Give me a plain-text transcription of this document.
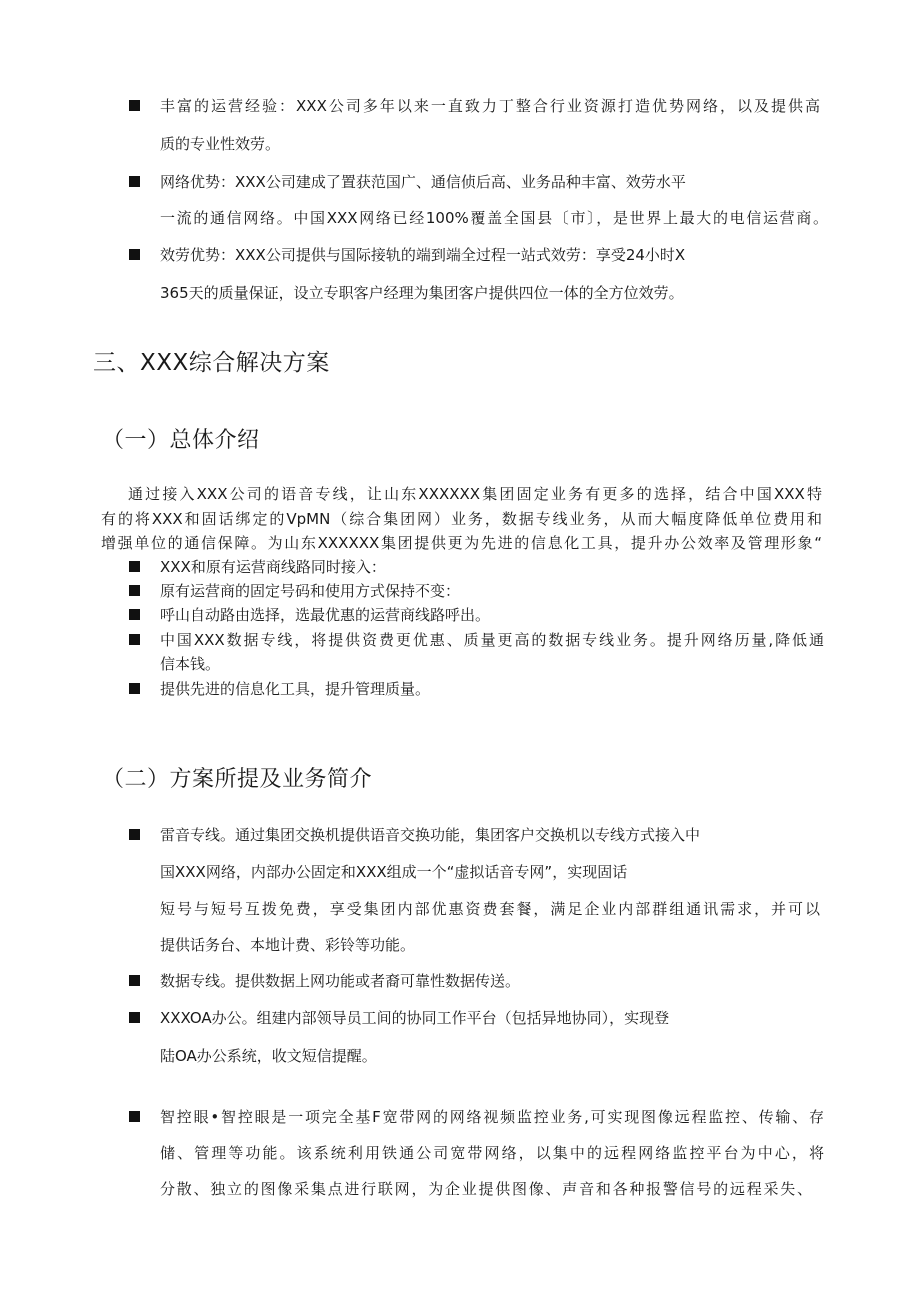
丰富的运营经验：XXX公司多年以来一直致力丁整合行业资源打造优势网络，以及提供高
质的专业性效劳。
网络优势：XXX公司建成了置获范国广、通信侦后高、业务品种丰富、效劳水平
一流的通信网络。中国XXX网络已经100%覆盖全国县〔市〕，是世界上最大的电信运营商。
效劳优势：XXX公司提供与国际接轨的端到端全过程一站式效劳：享受24小时X
365天的质量保证，设立专职客户经理为集团客户提供四位一体的全方位效劳。
三、XXX综合解决方案
（一）总体介绍
通过接入XXX公司的语音专线，让山东XXXXXX集团固定业务有更多的选择，结合中国XXX特
有的将XXX和固话绑定的VpMN（综合集团网）业务，数据专线业务，从而大幅度降低单位费用和
增强单位的通信保障。为山东XXXXXX集团提供更为先进的信息化工具，提升办公效率及管理形象“
XXX和原有运营商线路同时接入：
原有运营商的固定号码和使用方式保持不变：
呼山自动路由选择，选最优惠的运营商线路呼出。
中国XXX数据专线，将提供资费更优惠、质量更高的数据专线业务。提升网络历量,降低通
信本钱。
提供先进的信息化工具，提升管理质量。
（二）方案所提及业务简介
雷音专线。通过集团交换机提供语音交换功能，集团客户交换机以专线方式接入中
国XXX网络，内部办公固定和XXX组成一个“虚拟话音专网”，实现固话
短号与短号互拨免费，享受集团内部优惠资费套餐，满足企业内部群组通讯需求，并可以
提供话务台、本地计费、彩铃等功能。
数据专线。提供数据上网功能或者裔可靠性数据传送。
XXXOA办公。组建内部领导员工间的协同工作平台（包括异地协同），实现登
陆OA办公系统，收文短信提醒。
智控眼•智控眼是一项完全基F宽带网的网络视频监控业务,可实现图像远程监控、传输、存
储、管理等功能。该系统利用铁通公司宽带网络，以集中的远程网络监控平台为中心，将
分散、独立的图像采集点进行联网，为企业提供图像、声音和各种报警信号的远程采失、
